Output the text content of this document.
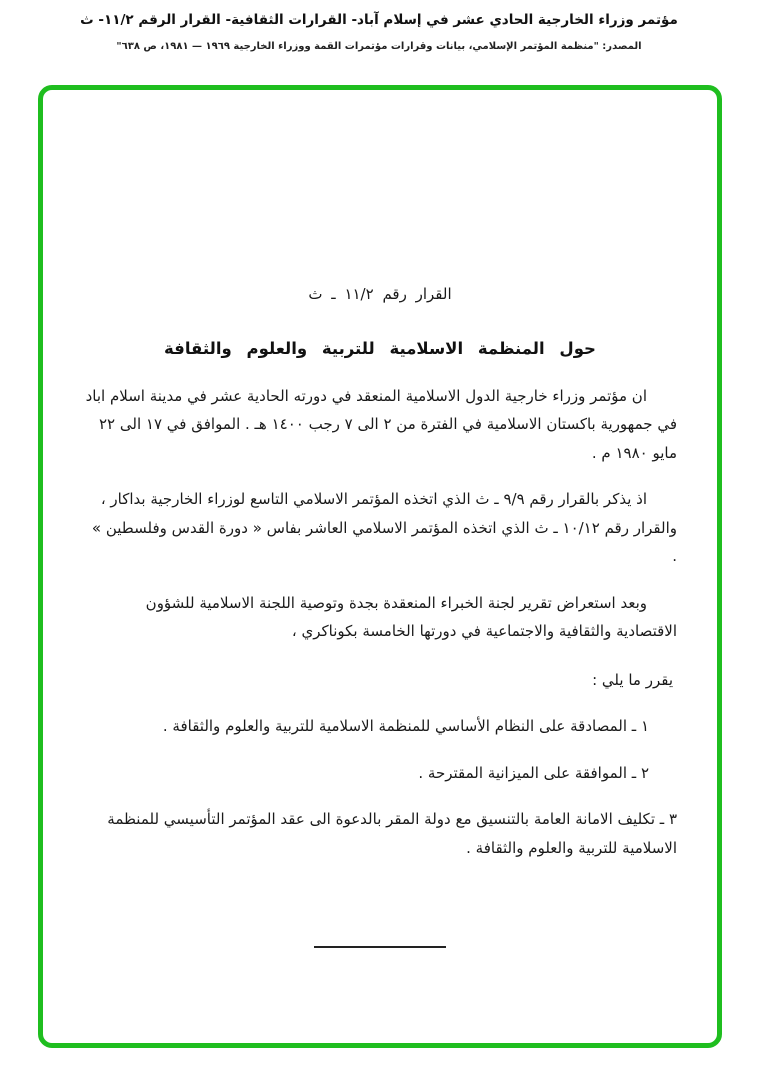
مؤتمر وزراء الخارجية الحادي عشر في إسلام آباد- القرارات الثقافية- القرار الرقم ١١/٢- ث
المصدر: "منظمة المؤتمر الإسلامي، بيانات وقرارات مؤتمرات القمة ووزراء الخارجية ١٩٦٩ — ١٩٨١، ص ٦٣٨"
القرار رقم ١١/٢ ـ ث
حول المنظمة الاسلامية للتربية والعلوم والثقافة

ان مؤتمر وزراء خارجية الدول الاسلامية المنعقد في دورته الحادية عشر في مدينة اسلام اباد في جمهورية باكستان الاسلامية في الفترة من ٢ الى ٧ رجب ١٤٠٠ هـ . الموافق في ١٧ الى ٢٢ مايو ١٩٨٠ م .

اذ يذكر بالقرار رقم ٩/٩ ـ ث الذي اتخذه المؤتمر الاسلامي التاسع لوزراء الخارجية بداكار ، والقرار رقم ١٠/١٢ ـ ث الذي اتخذه المؤتمر الاسلامي العاشر بفاس « دورة القدس وفلسطين » .

وبعد استعراض تقرير لجنة الخبراء المنعقدة بجدة وتوصية اللجنة الاسلامية للشؤون الاقتصادية والثقافية والاجتماعية في دورتها الخامسة بكوناكري ،

يقرر ما يلي :

١ ـ المصادقة على النظام الأساسي للمنظمة الاسلامية للتربية والعلوم والثقافة .

٢ ـ الموافقة على الميزانية المقترحة .

٣ ـ تكليف الامانة العامة بالتنسيق مع دولة المقر بالدعوة الى عقد المؤتمر التأسيسي للمنظمة الاسلامية للتربية والعلوم والثقافة .
